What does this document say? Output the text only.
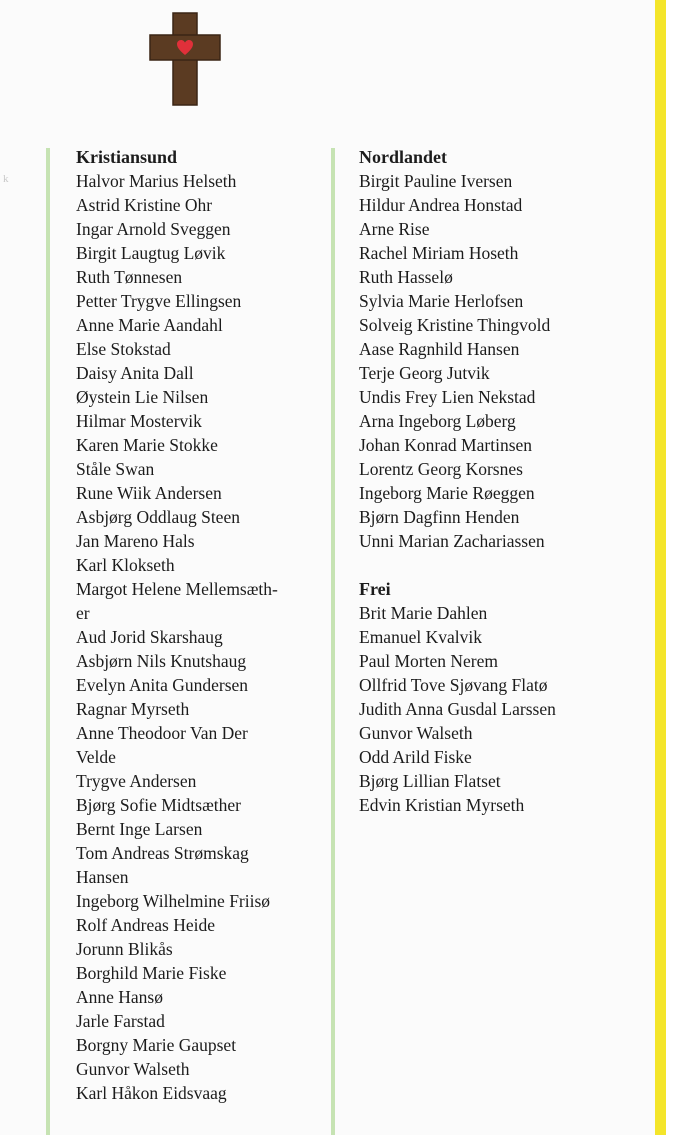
k
Kristiansund
Halvor Marius Helseth
Astrid Kristine Ohr
Ingar Arnold Sveggen
Birgit Laugtug Løvik
Ruth Tønnesen
Petter Trygve Ellingsen
Anne Marie Aandahl
Else Stokstad
Daisy Anita Dall
Øystein Lie Nilsen
Hilmar Mostervik
Karen Marie Stokke
Ståle Swan
Rune Wiik Andersen
Asbjørg Oddlaug Steen
Jan Mareno Hals
Karl Klokseth
Margot Helene Mellemsæth-
er
Aud Jorid Skarshaug
Asbjørn Nils Knutshaug
Evelyn Anita Gundersen
Ragnar Myrseth
Anne Theodoor Van Der
Velde
Trygve Andersen
Bjørg Sofie Midtsæther
Bernt Inge Larsen
Tom Andreas Strømskag
Hansen
Ingeborg Wilhelmine Friisø
Rolf Andreas Heide
Jorunn Blikås
Borghild Marie Fiske
Anne Hansø
Jarle Farstad
Borgny Marie Gaupset
Gunvor Walseth
Karl Håkon Eidsvaag
Nordlandet
Birgit Pauline Iversen
Hildur Andrea Honstad
Arne Rise
Rachel Miriam Hoseth
Ruth Hasselø
Sylvia Marie Herlofsen
Solveig Kristine Thingvold
Aase Ragnhild Hansen
Terje Georg Jutvik
Undis Frey Lien Nekstad
Arna Ingeborg Løberg
Johan Konrad Martinsen
Lorentz Georg Korsnes
Ingeborg Marie Røeggen
Bjørn Dagfinn Henden
Unni Marian Zachariassen
Frei
Brit Marie Dahlen
Emanuel Kvalvik
Paul Morten Nerem
Ollfrid Tove Sjøvang Flatø
Judith Anna Gusdal Larssen
Gunvor Walseth
Odd Arild Fiske
Bjørg Lillian Flatset
Edvin Kristian Myrseth
